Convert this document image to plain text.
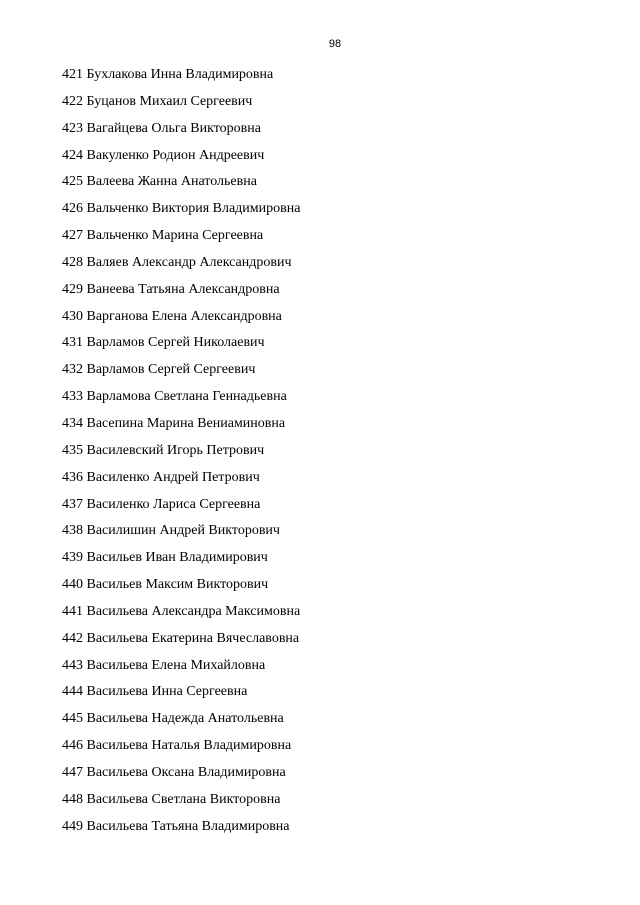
98
421 Бухлакова Инна Владимировна
422 Буцанов Михаил Сергеевич
423 Вагайцева Ольга Викторовна
424 Вакуленко Родион Андреевич
425 Валеева Жанна Анатольевна
426 Вальченко Виктория Владимировна
427 Вальченко Марина Сергеевна
428 Валяев Александр Александрович
429 Ванеева Татьяна Александровна
430 Варганова Елена Александровна
431 Варламов Сергей Николаевич
432 Варламов Сергей Сергеевич
433 Варламова Светлана Геннадьевна
434 Васепина Марина Вениаминовна
435 Василевский Игорь Петрович
436 Василенко Андрей Петрович
437 Василенко Лариса Сергеевна
438 Василишин Андрей Викторович
439 Васильев Иван Владимирович
440 Васильев Максим Викторович
441 Васильева Александра Максимовна
442 Васильева Екатерина Вячеславовна
443 Васильева Елена Михайловна
444 Васильева Инна Сергеевна
445 Васильева Надежда Анатольевна
446 Васильева Наталья Владимировна
447 Васильева Оксана Владимировна
448 Васильева Светлана Викторовна
449 Васильева Татьяна Владимировна
